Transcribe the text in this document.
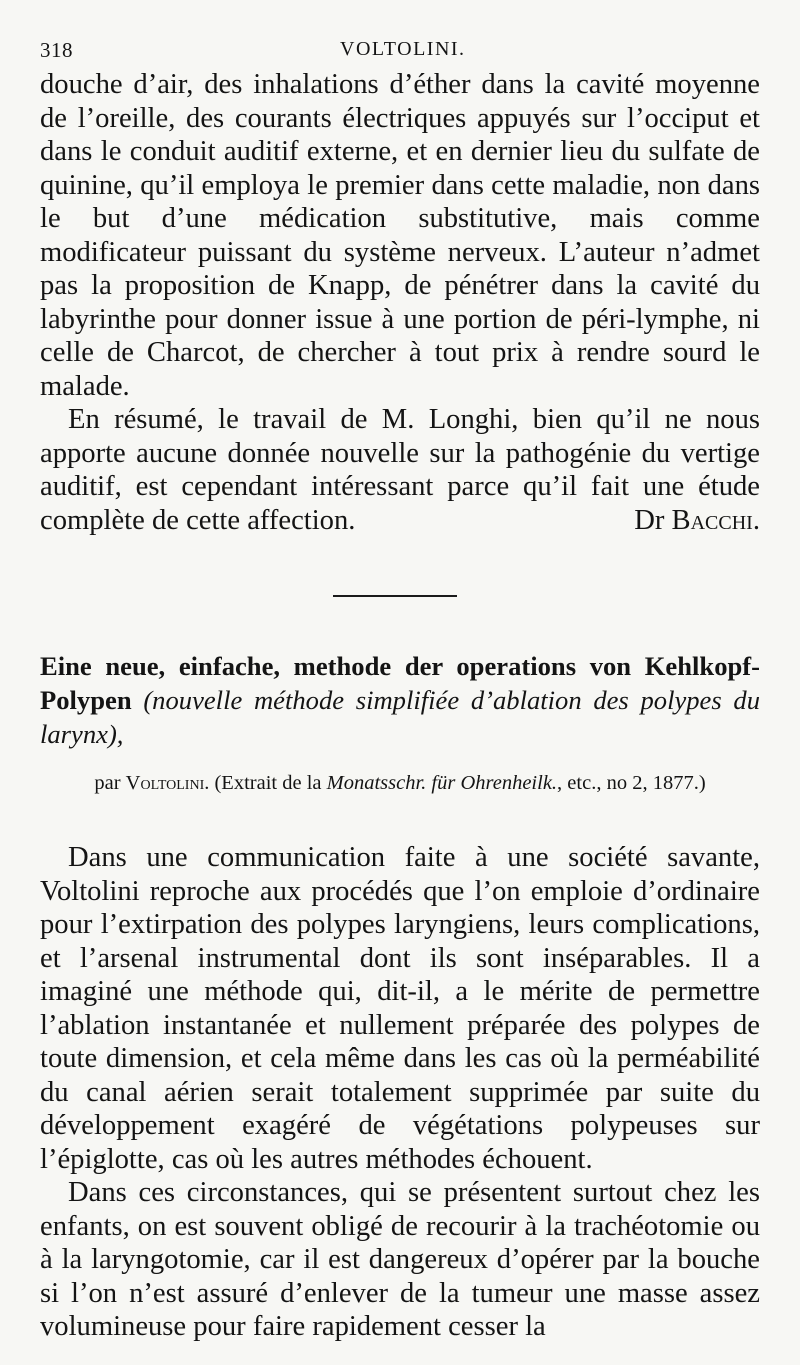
318	VOLTOLINI.

douche d’air, des inhalations d’éther dans la cavité moyenne de l’oreille, des courants électriques appuyés sur l’occiput et dans le conduit auditif externe, et en dernier lieu du sulfate de quinine, qu’il employa le premier dans cette maladie, non dans le but d’une médication substitutive, mais comme modificateur puissant du système nerveux. L’auteur n’admet pas la proposition de Knapp, de pénétrer dans la cavité du labyrinthe pour donner issue à une portion de péri-lymphe, ni celle de Charcot, de chercher à tout prix à rendre sourd le malade.

En résumé, le travail de M. Longhi, bien qu’il ne nous apporte aucune donnée nouvelle sur la pathogénie du vertige auditif, est cependant intéressant parce qu’il fait une étude complète de cette affection.	Dr Bacchi.

Eine neue, einfache, methode der operations von Kehlkopf-Polypen (nouvelle méthode simplifiée d’ablation des polypes du larynx),

par Voltolini. (Extrait de la Monatsschr. für Ohrenheilk., etc., no 2, 1877.)

Dans une communication faite à une société savante, Voltolini reproche aux procédés que l’on emploie d’ordinaire pour l’extirpation des polypes laryngiens, leurs complications, et l’arsenal instrumental dont ils sont inséparables. Il a imaginé une méthode qui, dit-il, a le mérite de permettre l’ablation instantanée et nullement préparée des polypes de toute dimension, et cela même dans les cas où la perméabilité du canal aérien serait totalement supprimée par suite du développement exagéré de végétations polypeuses sur l’épiglotte, cas où les autres méthodes échouent.

Dans ces circonstances, qui se présentent surtout chez les enfants, on est souvent obligé de recourir à la trachéotomie ou à la laryngotomie, car il est dangereux d’opérer par la bouche si l’on n’est assuré d’enlever de la tumeur une masse assez volumineuse pour faire rapidement cesser la
